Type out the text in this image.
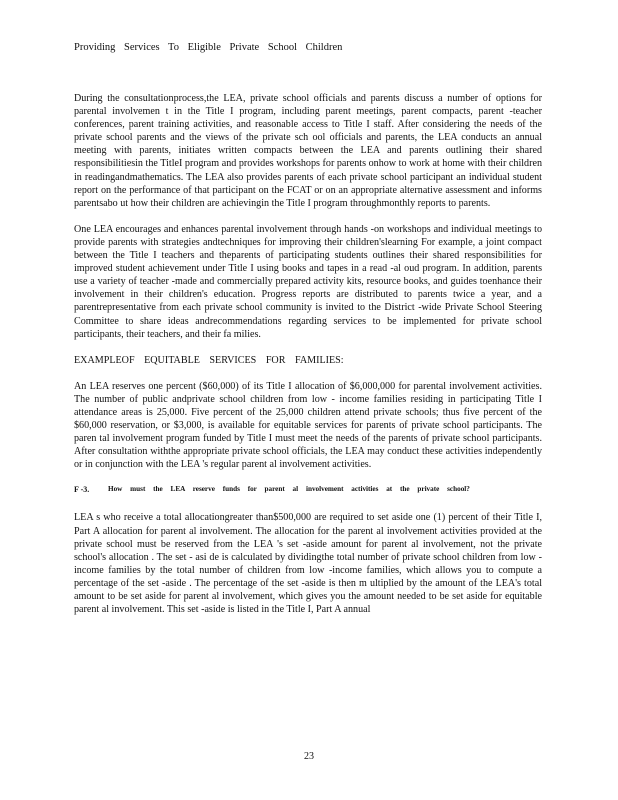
Providing Services To Eligible Private School Children

During the consultationprocess,the LEA, private school officials and parents discuss a number of options for parental involvemen t in the Title I program, including parent meetings, parent compacts, parent -teacher conferences, parent training activities, and reasonable access to Title I staff. After considering the needs of the private school parents and the views of the private sch ool officials and parents, the LEA conducts an annual meeting with parents, initiates written compacts between the LEA and parents outlining their shared responsibilitiesin the TitleI program and provides workshops for parents onhow to work at home with their children in readingandmathematics. The LEA also provides parents of each private school participant an individual student report on the performance of that participant on the FCAT or on an appropriate alternative assessment and informs parentsabo ut how their children are achievingin the Title I program throughmonthly reports to parents.

One LEA encourages and enhances parental involvement through hands -on workshops and individual meetings to provide parents with strategies andtechniques for improving their children'slearning For example, a joint compact between the Title I teachers and theparents of participating students outlines their shared responsibilities for improved student achievement under Title I using books and tapes in a read -al oud program. In addition, parents use a variety of teacher -made and commercially prepared activity kits, resource books, and guides toenhance their involvement in their children's education. Progress reports are distributed to parents twice a year, and a parentrepresentative from each private school community is invited to the District -wide Private School Steering Committee to share ideas andrecommendations regarding services to be implemented for private school participants, their teachers, and their fa milies.

EXAMPLEOF EQUITABLE SERVICES FOR FAMILIES:

An LEA reserves one percent ($60,000) of its Title I allocation of $6,000,000 for parental involvement activities. The number of public andprivate school children from low - income families residing in participating Title I attendance areas is 25,000. Five percent of the 25,000 children attend private schools; thus five percent of the $60,000 reservation, or $3,000, is available for equitable services for parents of private school participants. The paren tal involvement program funded by Title I must meet the needs of the parents of private school participants. After consultation withthe appropriate private school officials, the LEA may conduct these activities independently or in conjunction with the LEA 's regular parent al involvement activities.

F -3.	How must the LEA reserve funds for parent al involvement activities at the private school?

LEA s who receive a total allocationgreater than$500,000 are required to set aside one (1) percent of their Title I, Part A allocation for parent al involvement. The allocation for the parent al involvement activities provided at the private school must be reserved from the LEA 's set -aside amount for parent al involvement, not the private school's allocation . The set - asi de is calculated by dividingthe total number of private school children from low - income families by the total number of children from low -income families, which allows you to compute a percentage of the set -aside . The percentage of the set -aside is then m ultiplied by the amount of the LEA's total amount to be set aside for parent al involvement, which gives you the amount needed to be set aside for equitable parent al involvement. This set -aside is listed in the Title I, Part A annual

23
